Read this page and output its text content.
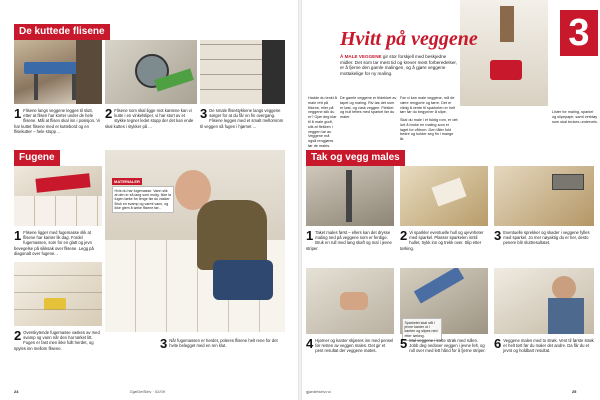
De kuttede flisene
1 Flisene langs veggene legges til slutt, etter at flisen har korter under de hele flisene. Mål at flisen skal inn i posisjon. Vi har kuttet flisene med et kuttebord og en flisekutter – hele stopp ...
2 Flisene som skal ligge mot kantene kan vi kutte i en vinkelsliper, vi har stort av et stykke tegner ledet stopp der det kan ende skal kuttes i stykker på ...
3 De smale flisestykkene langs veggene sørger for at du får en fin overgang. Flisene legges med et smalt mellomrom til veggen så fugen i hjørnet ...
Fugene
1 Flisene ligger med fugemasse slik at flisene har kanter lik dag. Fordel fugemassen, som for en glatt og jevn bevegelse på sikksak over flisene. Legg på diagonalt over fugene...
2 Overskytende fugemasse vaskes av med svamp og vann når den har tørket litt. Fugen er fast men ikke fullt herdet, og spyles inn mellom flisene.
MATERIALER
Hvis du har fugemasse. Vann slik at den er så lang som mulig. Ikke la fugen tørke for lenge før du vasker. Bruk en svamp og varmt vann, og ikke glem å tørke flisene før...
3 Når fugemassen er herdet, poleres flisene helt rene for det hvite belegget med en ren klut.
24	GjørDetSelv · 02/09
Hvitt på veggene 3
Å MALE VEGGENE gir stor forskjell med beskjedne midler. Det som tar mest tid og krever mest forberedelser, er å fjerne den gamle malingen, og å gjøre veggene mottakelige for ny maling.
Hadde du tenkt å male rett på flisene, eller på veggene slik du er? Gjør deg klar til å male godt, slik at flekken i veggen tar av. Veggene må også rengjøres før de males.
De gamle veggene er tildekket av tapet og maling. Riv løs det som er løst, og vask veggen. Flekker og hull tettes med sparkel før du maler.
Før vi kan male veggene, må de være rengjorte og tørre. Det er viktig å vente til sparkelen er helt tørr før du begynner å slipe.
Skal du male i et fuktig rom, er det lurt å bruke en maling som er laget for våtrom. Den tåler fukt bedre og holder seg fin i mange år.
Lister for maling, sparkel og slipepapir, samt verktøy som skal brukes underveis.
Tak og vegg males
1 Taket males først – ellers kan det drysse maling ned på veggene som er ferdige. Bruk en rull med lang skaft og mal i jevne striper.
2 Vi sparkler eventuelle hull og ujevnheter med sparkel. Plasser sparkelen inntil hullet, trykk inn og trekk over. Slip etter tørking.
3 Eventuelle sprekker og skader i veggene fylles med sparkel. Jo mer nøyaktig du er her, desto penere blir sluttresultatet.
Sparkelet skal stå i jevne kanter ut i kanten og slipes ned etter tørking.
4 Hjørner og kanter skjæres inn med pensel før resten av veggen males. Det gir et pent resultat der veggene møtes.	5 Mal veggene i korte strøk med rullen. Jobb deg nedover veggen i jevne felt, og rull over med lett hånd for å fjerne striper. 6 Veggene males med to strøk. Vent til første strøk er helt tørt før du maler det andre. Da får du et jevnt og holdbart resultat.
gjørdetselv.no	25
